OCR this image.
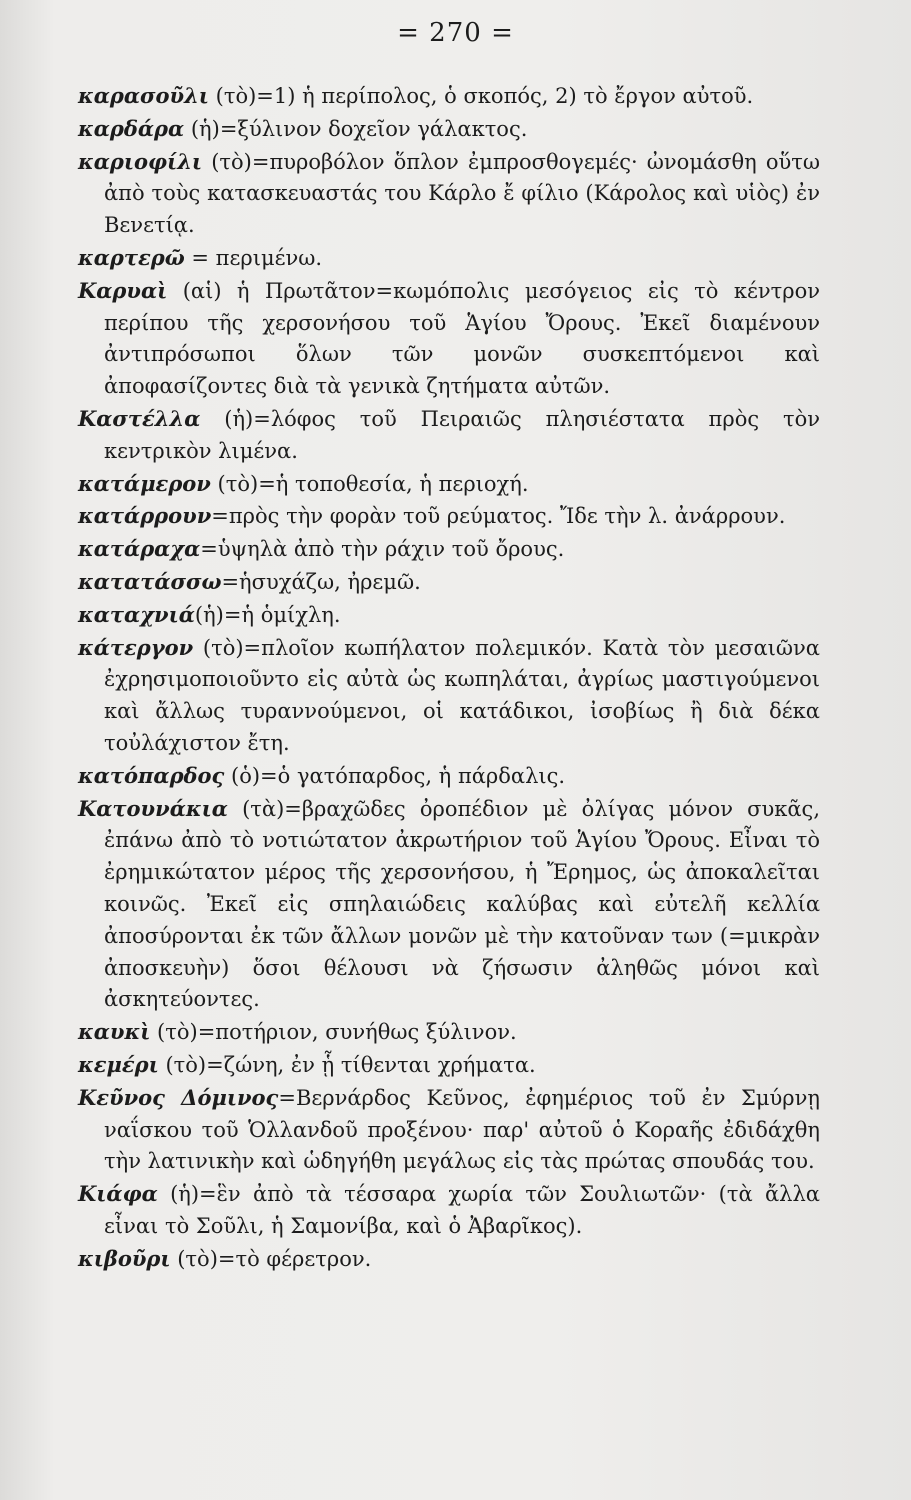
= 270 =

καρασοῦλι (τὸ)=1) ἡ περίπολος, ὁ σκοπός, 2) τὸ ἔργον αὐτοῦ.

καρδάρα (ἡ)=ξύλινον δοχεῖον γάλακτος.

καριοφίλι (τὸ)=πυροβόλον ὅπλον ἐμπροσθογεμές· ὠνομάσθη οὕτω ἀπὸ τοὺς κατασκευαστάς του Κάρλο ἔ φίλιο (Κάρολος καὶ υἱὸς) ἐν Βενετίᾳ.

καρτερῶ = περιμένω.

Καρυαὶ (αἱ) ἡ Πρωτᾶτον=κωμόπολις μεσόγειος εἰς τὸ κέντρον περίπου τῆς χερσονήσου τοῦ Ἁγίου Ὄρους. Ἐκεῖ διαμένουν ἀντιπρόσωποι ὅλων τῶν μονῶν συσκεπτόμενοι καὶ ἀποφασίζοντες διὰ τὰ γενικὰ ζητήματα αὐτῶν.

Καστέλλα (ἡ)=λόφος τοῦ Πειραιῶς πλησιέστατα πρὸς τὸν κεντρικὸν λιμένα.

κατάμερον (τὸ)=ἡ τοποθεσία, ἡ περιοχή.

κατάρρουν=πρὸς τὴν φορὰν τοῦ ρεύματος. Ἴδε τὴν λ. ἀνάρρουν.

κατάραχα=ὑψηλὰ ἀπὸ τὴν ράχιν τοῦ ὄρους.

κατατάσσω=ἡσυχάζω, ἠρεμῶ.

καταχνιά(ἡ)=ἡ ὁμίχλη.

κάτεργον (τὸ)=πλοῖον κωπήλατον πολεμικόν. Κατὰ τὸν μεσαιῶνα ἐχρησιμοποιοῦντο εἰς αὐτὰ ὡς κωπηλάται, ἀγρίως μαστιγούμενοι καὶ ἄλλως τυραννούμενοι, οἱ κατάδικοι, ἰσοβίως ἢ διὰ δέκα τοὐλάχιστον ἔτη.

κατόπαρδος (ὁ)=ὁ γατόπαρδος, ἡ πάρδαλις.

Κατουνάκια (τὰ)=βραχῶδες ὀροπέδιον μὲ ὀλίγας μόνον συκᾶς, ἐπάνω ἀπὸ τὸ νοτιώτατον ἀκρωτήριον τοῦ Ἁγίου Ὄρους. Εἶναι τὸ ἐρημικώτατον μέρος τῆς χερσονήσου, ἡ Ἔρημος, ὡς ἀποκαλεῖται κοινῶς. Ἐκεῖ εἰς σπηλαιώδεις καλύβας καὶ εὐτελῆ κελλία ἀποσύρονται ἐκ τῶν ἄλλων μονῶν μὲ τὴν κατοῦναν των (=μικρὰν ἀποσκευὴν) ὅσοι θέλουσι νὰ ζήσωσιν ἀληθῶς μόνοι καὶ ἀσκητεύοντες.

καυκὶ (τὸ)=ποτήριον, συνήθως ξύλινον.

κεμέρι (τὸ)=ζώνη, ἐν ᾗ τίθενται χρήματα.

Κεῦνος Δόμινος=Βερνάρδος Κεῦνος, ἐφημέριος τοῦ ἐν Σμύρνῃ ναΐσκου τοῦ Ὁλλανδοῦ προξένου· παρ' αὐτοῦ ὁ Κοραῆς ἐδιδάχθη τὴν λατινικὴν καὶ ὡδηγήθη μεγάλως εἰς τὰς πρώτας σπουδάς του.

Κιάφα (ἡ)=ἓν ἀπὸ τὰ τέσσαρα χωρία τῶν Σουλιωτῶν· (τὰ ἄλλα εἶναι τὸ Σοῦλι, ἡ Σαμονίβα, καὶ ὁ Ἀβαρῖκος).

κιβοῦρι (τὸ)=τὸ φέρετρον.
